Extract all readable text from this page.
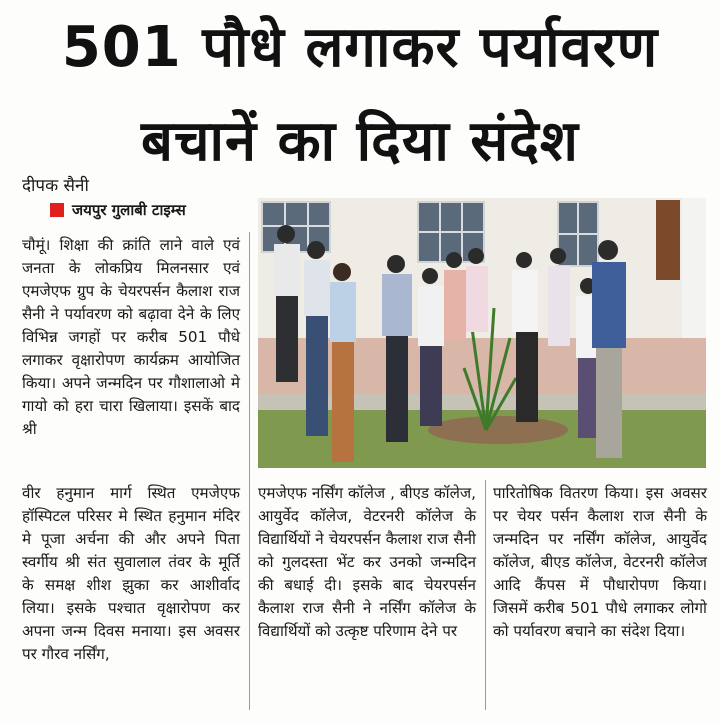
501 पौधे लगाकर पर्यावरण
बचानें का दिया संदेश
दीपक सैनी
जयपुर गुलाबी टाइम्स

चौमूं। शिक्षा की क्रांति लाने वाले एवं जनता के लोकप्रिय मिलनसार एवं एमजेएफ ग्रुप के चेयरपर्सन कैलाश राज सैनी ने पर्यावरण को बढ़ावा देने के लिए विभिन्न जगहों पर करीब 501 पौधे लगाकर वृक्षारोपण कार्यक्रम आयोजित किया। अपने जन्मदिन पर गौशालाओ मे गायो को हरा चारा खिलाया। इसकें बाद श्री

वीर हनुमान मार्ग स्थित एमजेएफ हॉस्पिटल परिसर मे स्थित हनुमान मंदिर मे पूजा अर्चना की और अपने पिता स्वर्गीय श्री संत सुवालाल तंवर के मूर्ति के समक्ष शीश झुका कर आशीर्वाद लिया। इसके पश्चात वृक्षारोपण कर अपना जन्म दिवस मनाया। इस अवसर पर गौरव नर्सिंग,

एमजेएफ नर्सिंग कॉलेज , बीएड कॉलेज, आयुर्वेद कॉलेज, वेटरनरी कॉलेज के विद्यार्थियों ने चेयरपर्सन कैलाश राज सैनी को गुलदस्ता भेंट कर उनको जन्मदिन की बधाई दी। इसके बाद चेयरपर्सन कैलाश राज सैनी ने नर्सिंग कॉलेज के विद्यार्थियों को उत्कृष्ट परिणाम देने पर

पारितोषिक वितरण किया। इस अवसर पर चेयर पर्सन कैलाश राज सैनी के जन्मदिन पर नर्सिंग कॉलेज, आयुर्वेद कॉलेज, बीएड कॉलेज, वेटरनरी कॉलेज आदि कैंपस में पौधारोपण किया। जिसमें करीब 501 पौधे लगाकर लोगो को पर्यावरण बचाने का संदेश दिया।
